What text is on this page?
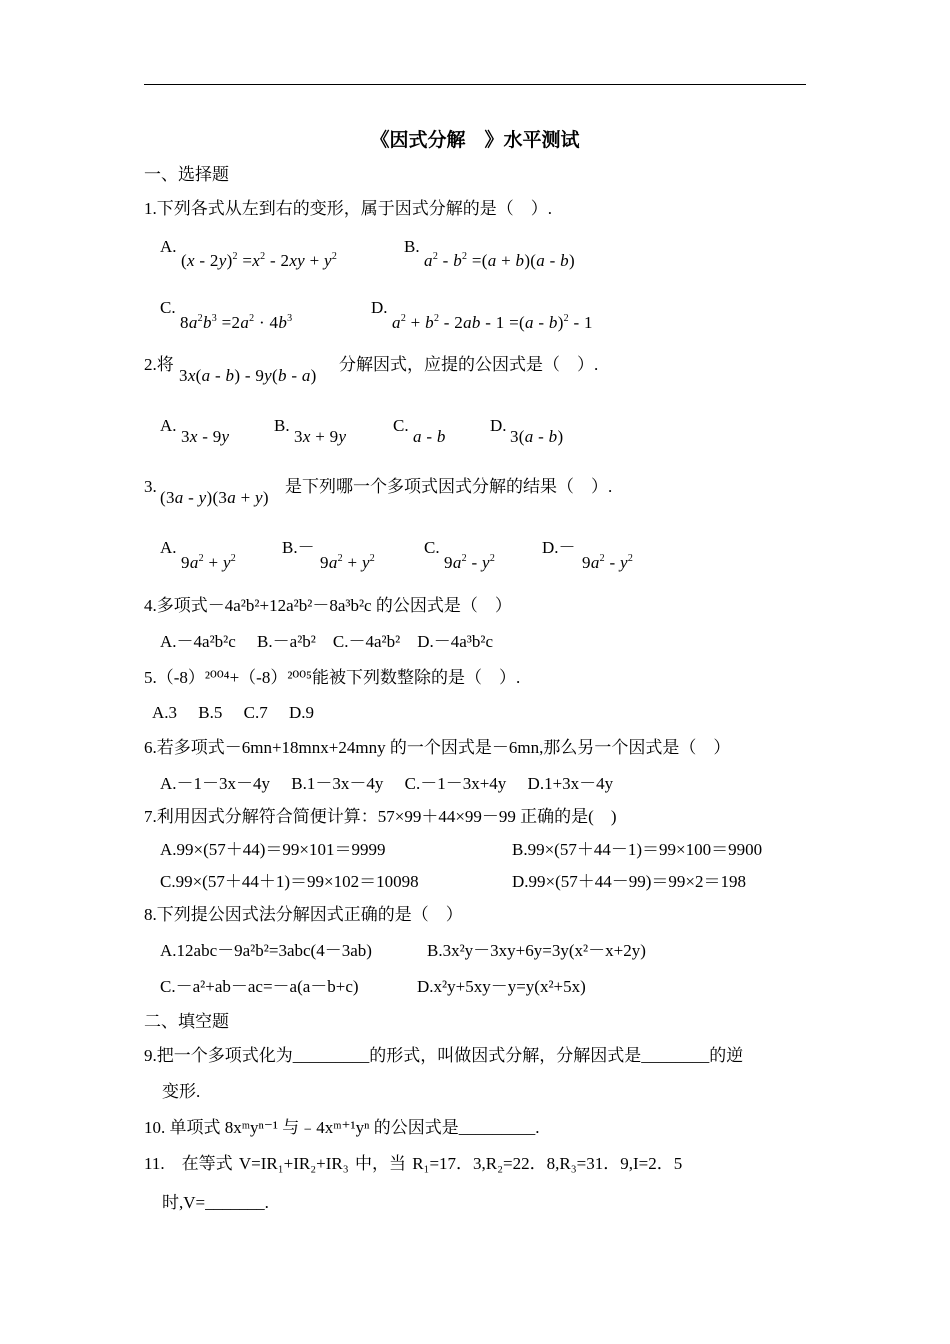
《因式分解　》水平测试
一、选择题
1.下列各式从左到右的变形，属于因式分解的是（　）.
A.
$(x - 2y)^2 =x^2 - 2xy + y^2$
B.
$a^2 - b^2 =(a + b)(a - b)$
C.
$8a^2b^3 =2a^2 \cdot 4b^3$
D.
$a^2 + b^2 - 2ab - 1 =(a - b)^2 - 1$
2.将
3x(a - b) - 9y(b - a)
分解因式，应提的公因式是（　）.
A.
3x - 9y
B.
3x + 9y
C.
a - b
D.
3(a - b)
3.
(3a - y)(3a + y)
是下列哪一个多项式因式分解的结果（　）.
A.
$9a^2 + y^2$
B.－
$9a^2 + y^2$
C.
$9a^2 - y^2$
D.－
$9a^2 - y^2$
4.多项式－4a²b²+12a²b²－8a³b²c 的公因式是（　）
A.－4a²b²c　 B.－a²b²　C.－4a²b²　D.－4a³b²c
5.（-8）²⁰⁰⁴+（-8）²⁰⁰⁵能被下列数整除的是（　）.
A.3　 B.5　 C.7　 D.9
6.若多项式－6mn+18mnx+24mny 的一个因式是－6mn,那么另一个因式是（　）
A.－1－3x－4y　 B.1－3x－4y　 C.－1－3x+4y　 D.1+3x－4y
7.利用因式分解符合简便计算：57×99＋44×99－99 正确的是(　)
A.99×(57＋44)＝99×101＝9999	B.99×(57＋44－1)＝99×100＝9900
C.99×(57＋44＋1)＝99×102＝10098	D.99×(57＋44－99)＝99×2＝198
8.下列提公因式法分解因式正确的是（　）
A.12abc－9a²b²=3abc(4－3ab)	B.3x²y－3xy+6y=3y(x²－x+2y)
C.－a²+ab－ac=－a(a－b+c)	D.x²y+5xy－y=y(x²+5x)
二、填空题
9.把一个多项式化为_________的形式，叫做因式分解，分解因式是________的逆
变形.
10. 单项式 8xᵐyⁿ⁻¹ 与﹣4xᵐ⁺¹yⁿ 的公因式是_________.
11.　在等式 V=IR₁+IR₂+IR₃ 中，当 R₁=17．3,R₂=22．8,R₃=31．9,I=2．5
时,V=_______.
